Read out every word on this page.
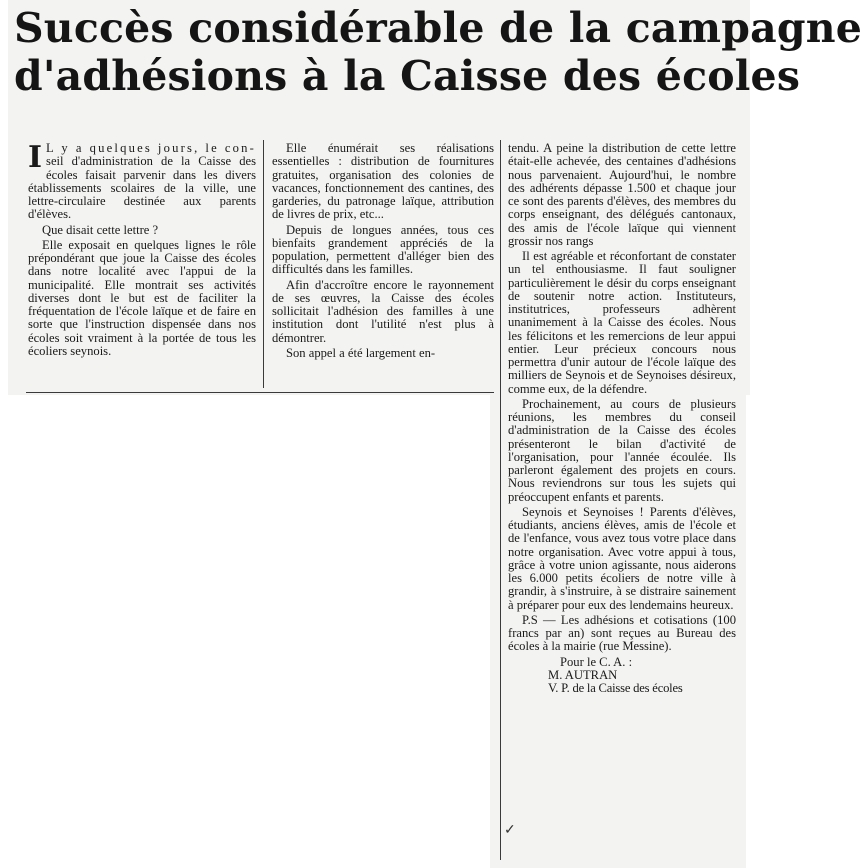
Succès considérable de la campagne
d'adhésions à la Caisse des écoles

I L y a quelques jours, le con- seil d'administration de la Caisse des écoles faisait parvenir dans les divers établissements scolaires de la ville, une lettre-circulaire destinée aux parents d'élèves.

Que disait cette lettre ?

Elle exposait en quelques lignes le rôle prépondérant que joue la Caisse des écoles dans notre localité avec l'appui de la municipalité. Elle montrait ses activités diverses dont le but est de faciliter la fréquentation de l'école laïque et de faire en sorte que l'instruction dispensée dans nos écoles soit vraiment à la portée de tous les écoliers seynois.

Elle énumérait ses réalisations essentielles : distribution de fournitures gratuites, organisation des colonies de vacances, fonctionnement des cantines, des garderies, du patronage laïque, attribution de livres de prix, etc...

Depuis de longues années, tous ces bienfaits grandement appréciés de la population, permettent d'alléger bien des difficultés dans les familles.

Afin d'accroître encore le rayonnement de ses œuvres, la Caisse des écoles sollicitait l'adhésion des familles à une institution dont l'utilité n'est plus à démontrer.

Son appel a été largement en-

tendu. A peine la distribution de cette lettre était-elle achevée, des centaines d'adhésions nous parvenaient. Aujourd'hui, le nombre des adhérents dépasse 1.500 et chaque jour ce sont des parents d'élèves, des membres du corps enseignant, des délégués cantonaux, des amis de l'école laïque qui viennent grossir nos rangs

Il est agréable et réconfortant de constater un tel enthousiasme. Il faut souligner particulièrement le désir du corps enseignant de soutenir notre action. Instituteurs, institutrices, professeurs adhèrent unanimement à la Caisse des écoles. Nous les félicitons et les remercions de leur appui entier. Leur précieux concours nous permettra d'unir autour de l'école laïque des milliers de Seynois et de Seynoises désireux, comme eux, de la défendre.

Prochainement, au cours de plusieurs réunions, les membres du conseil d'administration de la Caisse des écoles présenteront le bilan d'activité de l'organisation, pour l'année écoulée. Ils parleront également des projets en cours. Nous reviendrons sur tous les sujets qui préoccupent enfants et parents.

Seynois et Seynoises ! Parents d'élèves, étudiants, anciens élèves, amis de l'école et de l'enfance, vous avez tous votre place dans notre organisation. Avec votre appui à tous, grâce à votre union agissante, nous aiderons les 6.000 petits écoliers de notre ville à grandir, à s'instruire, à se distraire sainement à préparer pour eux des lendemains heureux.

P.S — Les adhésions et cotisations (100 francs par an) sont reçues au Bureau des écoles à la mairie (rue Messine).

Pour le C. A. :
M. AUTRAN
V. P. de la Caisse des écoles
✓
